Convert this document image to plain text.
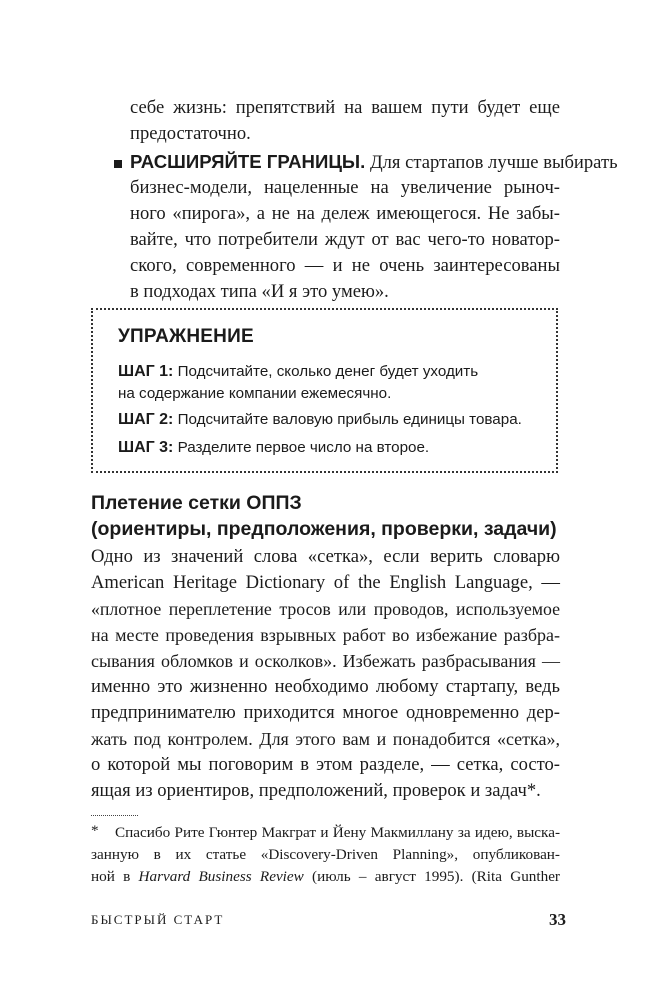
себе жизнь: препятствий на вашем пути будет еще
предостаточно.
РАСШИРЯЙТЕ ГРАНИЦЫ. Для стартапов лучше выбирать
бизнес-модели, нацеленные на увеличение рыноч-
ного «пирога», а не на дележ имеющегося. Не забы-
вайте, что потребители ждут от вас чего-то новатор-
ского, современного — и не очень заинтересованы
в подходах типа «И я это умею».
УПРАЖНЕНИЕ
ШАГ 1: Подсчитайте, сколько денег будет уходить
на содержание компании ежемесячно.
ШАГ 2: Подсчитайте валовую прибыль единицы товара.
ШАГ 3: Разделите первое число на второе.
Плетение сетки ОППЗ
(ориентиры, предположения, проверки, задачи)
Одно из значений слова «сетка», если верить словарю
American Heritage Dictionary of the English Language, —
«плотное переплетение тросов или проводов, используемое
на месте проведения взрывных работ во избежание разбра-
сывания обломков и осколков». Избежать разбрасывания —
именно это жизненно необходимо любому стартапу, ведь
предпринимателю приходится многое одновременно дер-
жать под контролем. Для этого вам и понадобится «сетка»,
о которой мы поговорим в этом разделе, — сетка, состо-
* Спасибо Рите Гюнтер Макграт и Йену Макмиллану за идею, выска-
занную в их статье «Discovery-Driven Planning», опубликован-
ной в Harvard Business Review (июль – август 1995). (Rita Gunther
БЫСТРЫЙ СТАРТ	33
ящая из ориентиров, предположений, проверок и задач*.
